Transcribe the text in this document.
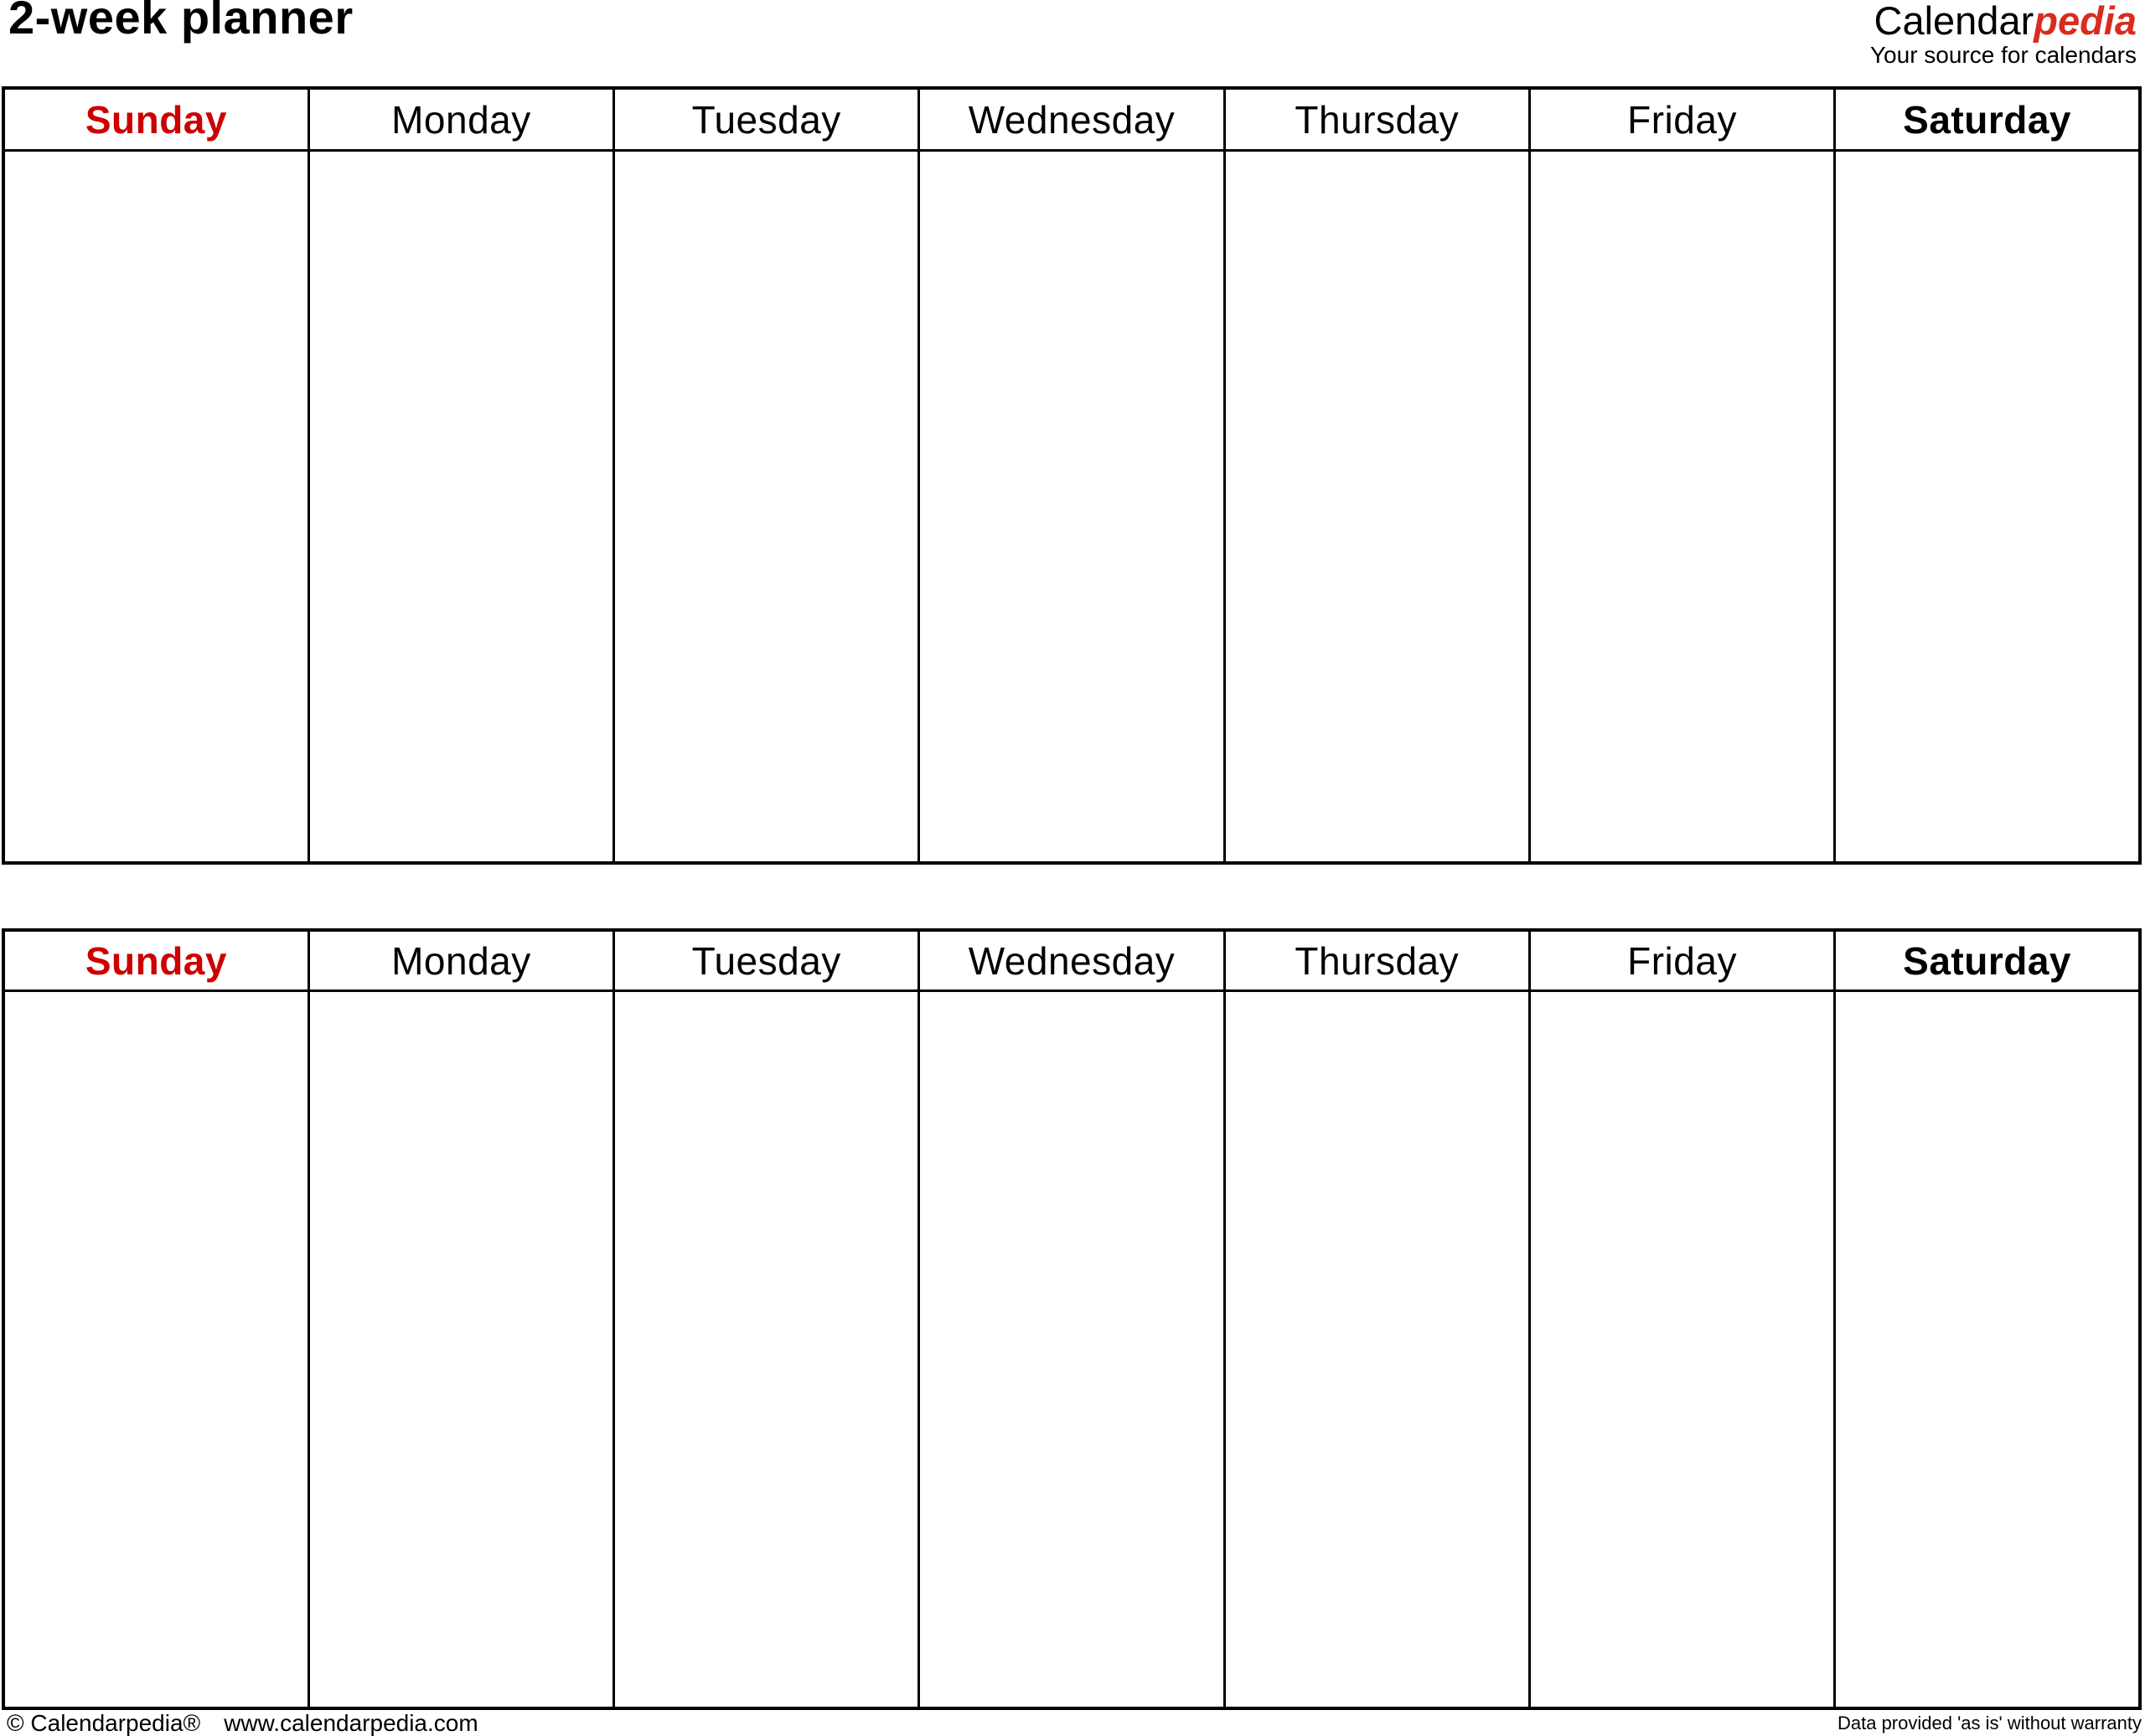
2-week planner	Calendarpedia
Your source for calendars
Sunday	Monday	Tuesday	Wednesday	Thursday	Friday	Saturday

Sunday	Monday	Tuesday	Wednesday	Thursday	Friday	Saturday

© Calendarpedia® www.calendarpedia.com	Data provided 'as is' without warranty
